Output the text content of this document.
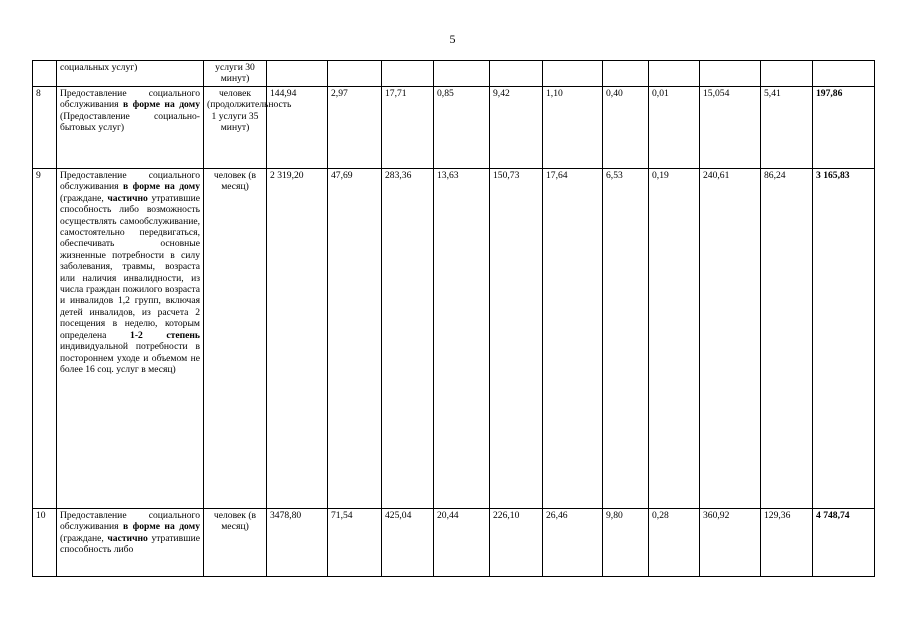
5
	социальных услуг)	услуги 30 минут)											
8	Предоставление социального обслуживания в форме на дому (Предоставление социально-бытовых услуг)	человек (продолжительность 1 услуги 35 минут)	144,94	2,97	17,71	0,85	9,42	1,10	0,40	0,01	15,054	5,41	197,86
9	Предоставление социального обслуживания в форме на дому (граждане, частично утратившие способность либо возможность осуществлять самообслуживание, самостоятельно передвигаться, обеспечивать основные жизненные потребности в силу заболевания, травмы, возраста или наличия инвалидности, из числа граждан пожилого возраста и инвалидов 1,2 групп, включая детей инвалидов, из расчета 2 посещения в неделю, которым определена 1-2 степень индивидуальной потребности в постороннем уходе и объемом не более 16 соц. услуг в месяц)	человек (в месяц)	2 319,20	47,69	283,36	13,63	150,73	17,64	6,53	0,19	240,61	86,24	3 165,83
10	Предоставление социального обслуживания в форме на дому (граждане, частично утратившие способность либо	человек (в месяц)	3478,80	71,54	425,04	20,44	226,10	26,46	9,80	0,28	360,92	129,36	4 748,74
